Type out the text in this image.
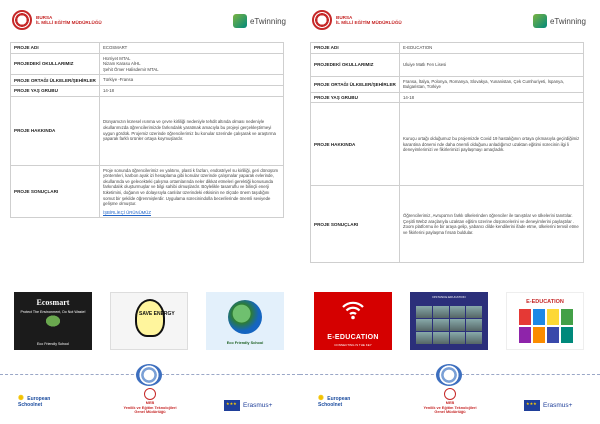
BURSA
İL MİLLİ EĞİTİM MÜDÜRLÜĞÜ	eTwinning
PROJE ADI	ECOSMART
PROJEDEKİ OKULLARIMIZ	Hürriyet MTAL
Nizam Karasu AİHL
Şehit Ömer Halisdemir MTAL
PROJE ORTAĞI ÜLKELER/ŞEHİRLER	Türkiye -Fransa
PROJE YAŞ GRUBU	14-18
PROJE HAKKINDA	Dünyamızın küresel ısınma ve çevre kirliliği nedeniyle tehdit altında olması nedeniyle okullarımızda öğrencilerimizde farkındalık yaratmak amacıyla bu projeyi gerçekleştirmeyi uygun gördük. Projemiz üzerinde öğrencilerimiz bu konular üzerinde çalışarak ve araştırma yaparak farklı ürünler ortaya koymuşlardır.
PROJE SONUÇLARI	Proje sonunda öğrencilerimiz ev yalıtımı, plasti k fazları, endüstriyel su kirliliği, geri dönüşüm yöntemleri, karbon ayak izi hesaplama gibi konular üzerinde çalışmalar yaparak evlerinde, okullarında ve gelecekteki çalışma ortamlarında neler dikkat etmeleri gerektiği konusunda farkındalık oluşturmuşlar ve bilgi sahibi olmuşlardır. Böylelikle tasarruflu ve bilinçli enerji tüketimini, doğanın ve dolayısıyla canlılar üzerindeki etkisinin ne ölçüde önem taşıdığını somut bir şekilde öğrenmişlerdir. Uygulama sürecinindolla becerilerinde önemli seviyede gelişme olmuştur.
İŞBİRLİKÇİ ÜRÜNÜMÜZ
Ecosmart
Protect The Environment, Do Not Waste!
Eco Friendly School
SAVE ENERGY
Eco Friendly School
✺ European
Schoolnet	MEB
Yenilik ve Eğitim Teknolojileri
Genel Müdürlüğü
★★★
Erasmus+
BURSA
İL MİLLİ EĞİTİM MÜDÜRLÜĞÜ	eTwinning
PROJE ADI	E-EDUCATION
PROJEDEKİ OKULLARIMIZ	Uluiye Matlı Fen Lisesi
PROJE ORTAĞI ÜLKELER/ŞEHİRLER	Fransa, İtalya, Polonya, Romanya, Slovakya, Yunanistan, Çek Cumhuriyeti, İspanya, Bulgaristan, Türkiye
PROJE YAŞ GRUBU	14-18
PROJE HAKKINDA	Kuruçu ortağı olduğumuz bu projemizde Covid 19 hastalığının ortaya çıkmasıyla geçirdiğimiz karantina dönemi nde daha önemli olduğunu anladığımız uzaktan eğitimi sürecinin ilgi li deneyimlerimizi ve fikirlerimizi paylaşmayı amaçladık.
PROJE SONUÇLARI	Öğrencilerimiz, Avrupa'nın farklı ülkelerinden öğrenciler ile tanıştılar ve ülkelerini tanıttılar. Çeşitli Web2 araçlarıyla uzaktan eğitim üzerine düşüncelerini ve deneyimlerini paylaştılar . Zoom platformu ile bir araya gelip, yabancı dilde kendilerini ifade etme, ülkelerini temsil etme ve fikirlerini paylaşma fırsatı buldular.
E-EDUCATION
CONNECTING IS THE KEY
DISTANCE EDUCATION
E-EDUCATION
✺ European
Schoolnet	MEB
Yenilik ve Eğitim Teknolojileri
Genel Müdürlüğü
★★★
Erasmus+
